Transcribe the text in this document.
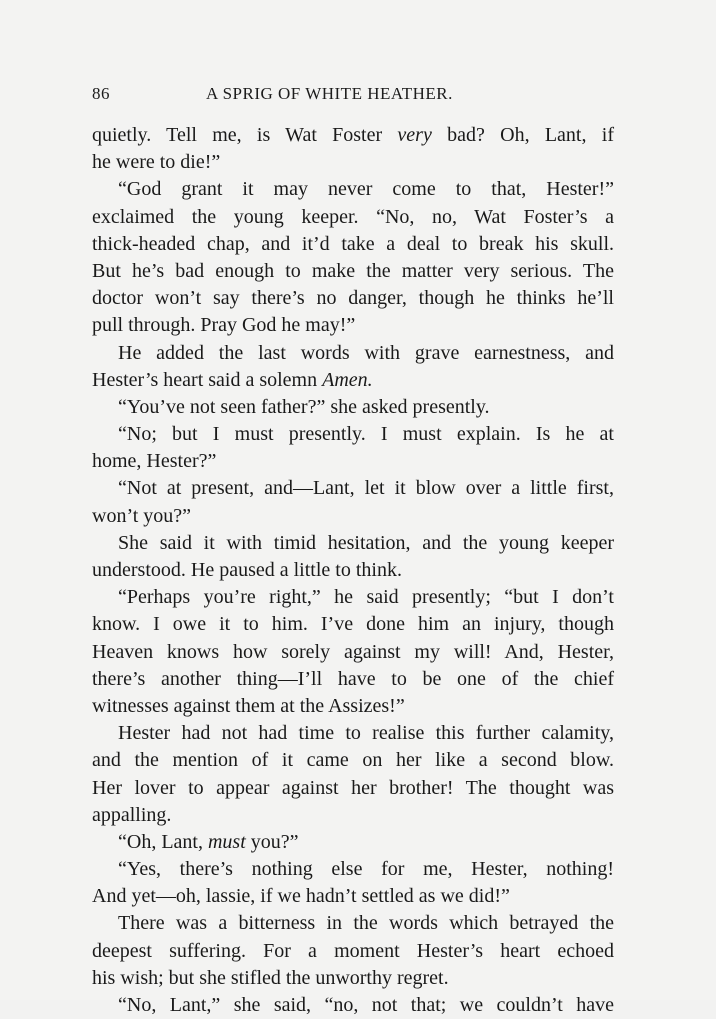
86	A SPRIG OF WHITE HEATHER.
quietly. Tell me, is Wat Foster very bad? Oh, Lant, if
he were to die!”
“God grant it may never come to that, Hester!”
exclaimed the young keeper. “No, no, Wat Foster’s a
thick-headed chap, and it’d take a deal to break his skull.
But he’s bad enough to make the matter very serious. The
doctor won’t say there’s no danger, though he thinks he’ll
pull through. Pray God he may!”
He added the last words with grave earnestness, and
Hester’s heart said a solemn Amen.
“You’ve not seen father?” she asked presently.
“No; but I must presently. I must explain. Is he at
home, Hester?”
“Not at present, and—Lant, let it blow over a little first,
won’t you?”
She said it with timid hesitation, and the young keeper
understood. He paused a little to think.
“Perhaps you’re right,” he said presently; “but I don’t
know. I owe it to him. I’ve done him an injury, though
Heaven knows how sorely against my will! And, Hester,
there’s another thing—I’ll have to be one of the chief
witnesses against them at the Assizes!”
Hester had not had time to realise this further calamity,
and the mention of it came on her like a second blow.
Her lover to appear against her brother! The thought was
appalling.
“Oh, Lant, must you?”
“Yes, there’s nothing else for me, Hester, nothing!
And yet—oh, lassie, if we hadn’t settled as we did!”
There was a bitterness in the words which betrayed the
deepest suffering. For a moment Hester’s heart echoed
his wish; but she stifled the unworthy regret.
“No, Lant,” she said, “no, not that; we couldn’t have
